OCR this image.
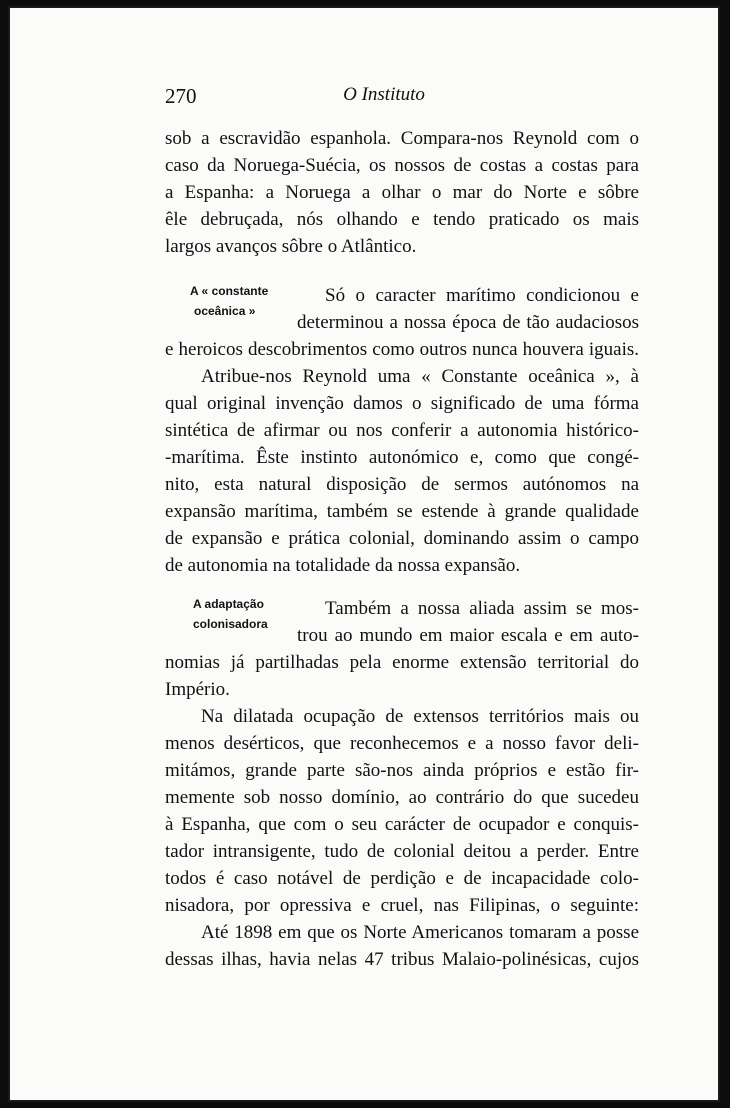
270	O Instituto
sob a escravidão espanhola. Compara-nos Reynold com o
caso da Noruega-Suécia, os nossos de costas a costas para
a Espanha: a Noruega a olhar o mar do Norte e sôbre
êle debruçada, nós olhando e tendo praticado os mais
largos avanços sôbre o Atlântico.
A « constante
oceânica »
Só o caracter marítimo condicionou e
determinou a nossa época de tão audaciosos
e heroicos descobrimentos como outros nunca houvera iguais.
Atribue-nos Reynold uma « Constante oceânica », à
qual original invenção damos o significado de uma fórma
sintética de afirmar ou nos conferir a autonomia histórico-
-marítima. Êste instinto autonómico e, como que congé-
nito, esta natural disposição de sermos autónomos na
expansão marítima, também se estende à grande qualidade
de expansão e prática colonial, dominando assim o campo
de autonomia na totalidade da nossa expansão.
A adaptação
colonisadora
Também a nossa aliada assim se mos-
trou ao mundo em maior escala e em auto-
nomias já partilhadas pela enorme extensão territorial do
Império.
Na dilatada ocupação de extensos territórios mais ou
menos desérticos, que reconhecemos e a nosso favor deli-
mitámos, grande parte são-nos ainda próprios e estão fir-
memente sob nosso domínio, ao contrário do que sucedeu
à Espanha, que com o seu carácter de ocupador e conquis-
tador intransigente, tudo de colonial deitou a perder. Entre
todos é caso notável de perdição e de incapacidade colo-
nisadora, por opressiva e cruel, nas Filipinas, o seguinte:
Até 1898 em que os Norte Americanos tomaram a posse
dessas ilhas, havia nelas 47 tribus Malaio-polinésicas, cujos
